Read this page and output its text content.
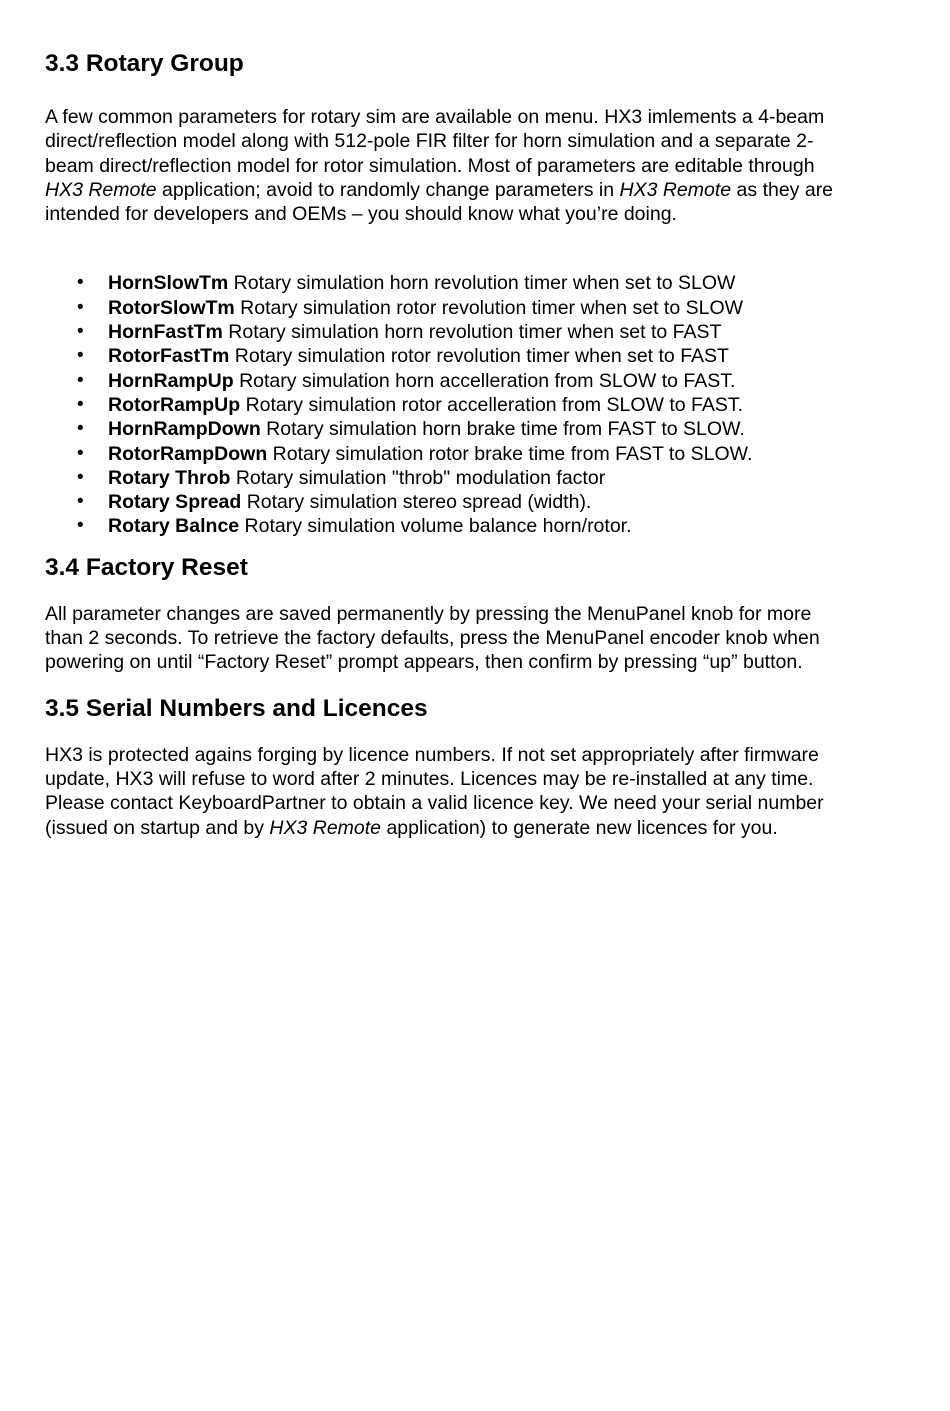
3.3 Rotary Group

A few common parameters for rotary sim are available on menu. HX3 imlements a 4-beam direct/reflection model along with 512-pole FIR filter for horn simulation and a separate 2-beam direct/reflection model for rotor simulation. Most of parameters are editable through HX3 Remote application; avoid to randomly change parameters in HX3 Remote as they are intended for developers and OEMs – you should know what you’re doing.

• HornSlowTm Rotary simulation horn revolution timer when set to SLOW
• RotorSlowTm Rotary simulation rotor revolution timer when set to SLOW
• HornFastTm Rotary simulation horn revolution timer when set to FAST
• RotorFastTm Rotary simulation rotor revolution timer when set to FAST
• HornRampUp Rotary simulation horn accelleration from SLOW to FAST.
• RotorRampUp Rotary simulation rotor accelleration from SLOW to FAST.
• HornRampDown Rotary simulation horn brake time from FAST to SLOW.
• RotorRampDown Rotary simulation rotor brake time from FAST to SLOW.
• Rotary Throb Rotary simulation "throb" modulation factor
• Rotary Spread Rotary simulation stereo spread (width).
• Rotary Balnce Rotary simulation volume balance horn/rotor.
3.4 Factory Reset

All parameter changes are saved permanently by pressing the MenuPanel knob for more than 2 seconds. To retrieve the factory defaults, press the MenuPanel encoder knob when powering on until “Factory Reset” prompt appears, then confirm by pressing “up” button.

3.5 Serial Numbers and Licences

HX3 is protected agains forging by licence numbers. If not set appropriately after firmware update, HX3 will refuse to word after 2 minutes. Licences may be re-installed at any time. Please contact KeyboardPartner to obtain a valid licence key. We need your serial number (issued on startup and by HX3 Remote application) to generate new licences for you.
